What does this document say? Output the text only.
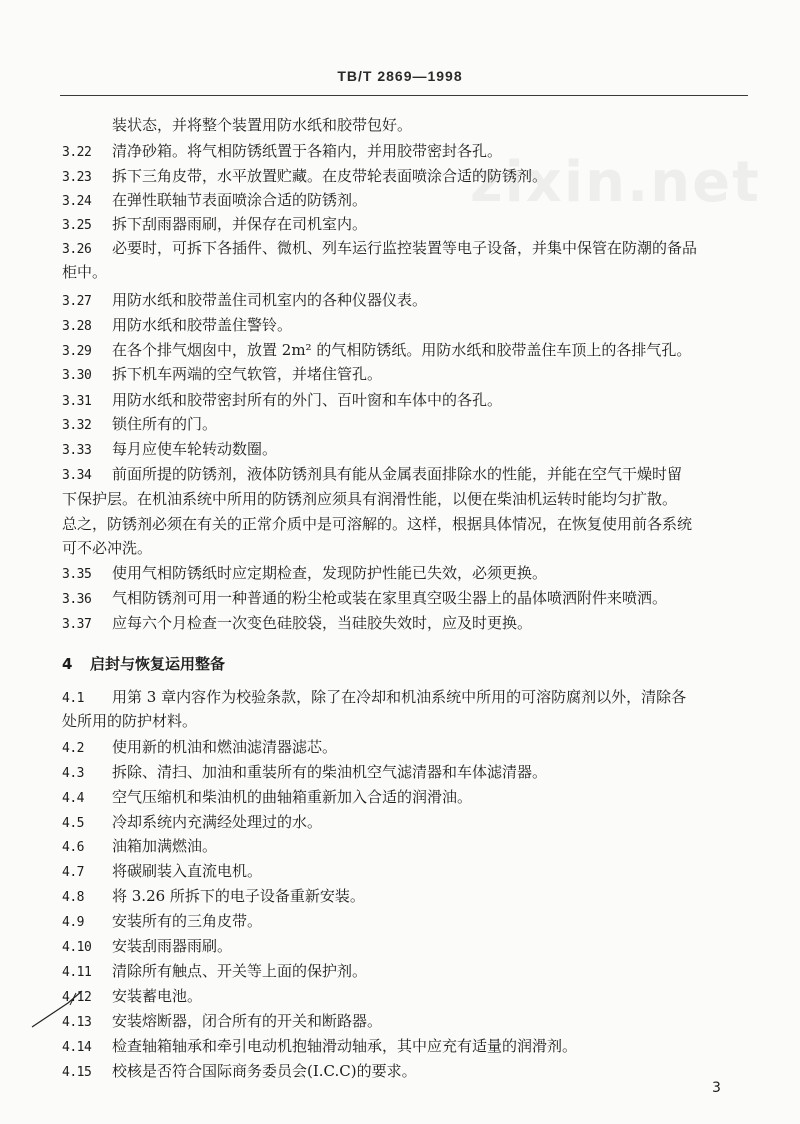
zixin.net
TB/T 2869—1998
装状态，并将整个装置用防水纸和胶带包好。
3.22 清净砂箱。将气相防锈纸置于各箱内，并用胶带密封各孔。
3.23 拆下三角皮带，水平放置贮藏。在皮带轮表面喷涂合适的防锈剂。
3.24 在弹性联轴节表面喷涂合适的防锈剂。
3.25 拆下刮雨器雨刷，并保存在司机室内。
3.26 必要时，可拆下各插件、微机、列车运行监控装置等电子设备，并集中保管在防潮的备品
柜中。
3.27 用防水纸和胶带盖住司机室内的各种仪器仪表。
3.28 用防水纸和胶带盖住警铃。
3.29 在各个排气烟囱中，放置 2m² 的气相防锈纸。用防水纸和胶带盖住车顶上的各排气孔。
3.30 拆下机车两端的空气软管，并堵住管孔。
3.31 用防水纸和胶带密封所有的外门、百叶窗和车体中的各孔。
3.32 锁住所有的门。
3.33 每月应使车轮转动数圈。
3.34 前面所提的防锈剂，液体防锈剂具有能从金属表面排除水的性能，并能在空气干燥时留
下保护层。在机油系统中所用的防锈剂应须具有润滑性能，以便在柴油机运转时能均匀扩散。
总之，防锈剂必须在有关的正常介质中是可溶解的。这样，根据具体情况，在恢复使用前各系统
可不必冲洗。
3.35 使用气相防锈纸时应定期检查，发现防护性能已失效，必须更换。
3.36 气相防锈剂可用一种普通的粉尘枪或装在家里真空吸尘器上的晶体喷洒附件来喷洒。
3.37 应每六个月检查一次变色硅胶袋，当硅胶失效时，应及时更换。
4 启封与恢复运用整备
4.1 用第 3 章内容作为校验条款，除了在冷却和机油系统中所用的可溶防腐剂以外，清除各
处所用的防护材料。
4.2 使用新的机油和燃油滤清器滤芯。
4.3 拆除、清扫、加油和重装所有的柴油机空气滤清器和车体滤清器。
4.4 空气压缩机和柴油机的曲轴箱重新加入合适的润滑油。
4.5 冷却系统内充满经处理过的水。
4.6 油箱加满燃油。
4.7 将碳刷装入直流电机。
4.8 将 3.26 所拆下的电子设备重新安装。
4.9 安装所有的三角皮带。
4.10 安装刮雨器雨刷。
4.11 清除所有触点、开关等上面的保护剂。
4.12 安装蓄电池。
4.13 安装熔断器，闭合所有的开关和断路器。
4.14 检查轴箱轴承和牵引电动机抱轴滑动轴承，其中应充有适量的润滑剂。
4.15 校核是否符合国际商务委员会(I.C.C)的要求。
3
